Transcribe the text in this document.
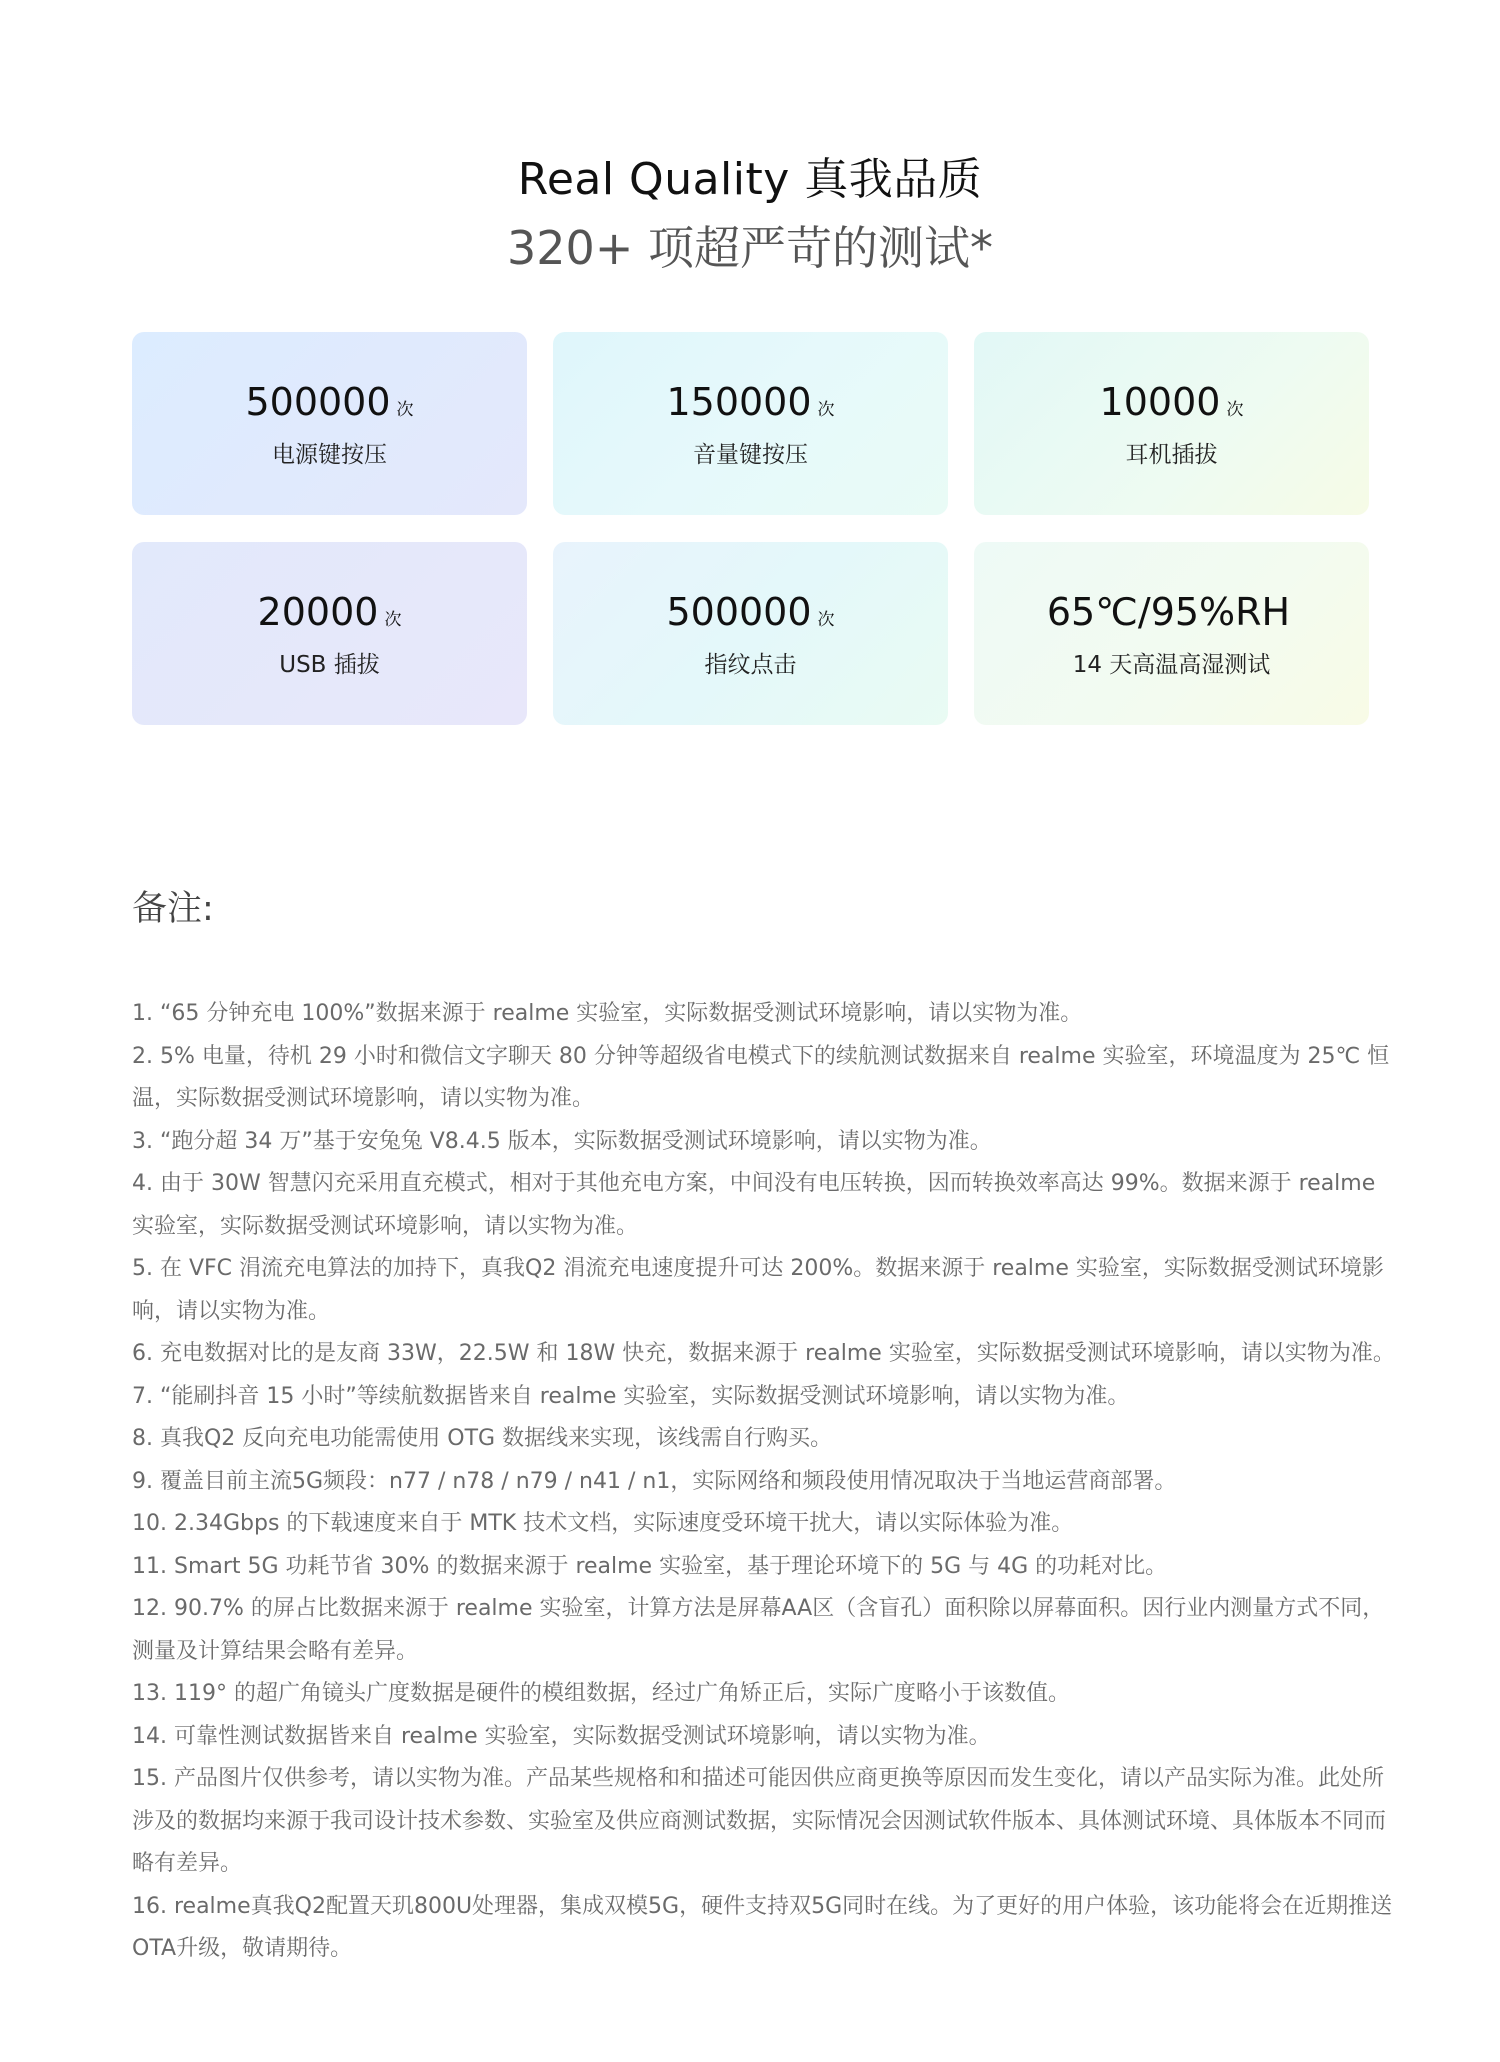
Real Quality 真我品质
320+ 项超严苛的测试*
500000 次
电源键按压
150000 次
音量键按压
10000 次
耳机插拔
20000 次
USB 插拔
500000 次
指纹点击
65℃/95%RH
14 天高温高湿测试
备注:
1. “65 分钟充电 100%”数据来源于 realme 实验室，实际数据受测试环境影响，请以实物为准。
2. 5% 电量，待机 29 小时和微信文字聊天 80 分钟等超级省电模式下的续航测试数据来自 realme 实验室，环境温度为 25℃ 恒温，实际数据受测试环境影响，请以实物为准。
3. “跑分超 34 万”基于安兔兔 V8.4.5 版本，实际数据受测试环境影响，请以实物为准。
4. 由于 30W 智慧闪充采用直充模式，相对于其他充电方案，中间没有电压转换，因而转换效率高达 99%。数据来源于 realme 实验室，实际数据受测试环境影响，请以实物为准。
5. 在 VFC 涓流充电算法的加持下，真我Q2 涓流充电速度提升可达 200%。数据来源于 realme 实验室，实际数据受测试环境影响，请以实物为准。
6. 充电数据对比的是友商 33W，22.5W 和 18W 快充，数据来源于 realme 实验室，实际数据受测试环境影响，请以实物为准。
7. “能刷抖音 15 小时”等续航数据皆来自 realme 实验室，实际数据受测试环境影响，请以实物为准。
8. 真我Q2 反向充电功能需使用 OTG 数据线来实现，该线需自行购买。
9. 覆盖目前主流5G频段：n77 / n78 / n79 / n41 / n1，实际网络和频段使用情况取决于当地运营商部署。
10. 2.34Gbps 的下载速度来自于 MTK 技术文档，实际速度受环境干扰大，请以实际体验为准。
11. Smart 5G 功耗节省 30% 的数据来源于 realme 实验室，基于理论环境下的 5G 与 4G 的功耗对比。
12. 90.7% 的屏占比数据来源于 realme 实验室，计算方法是屏幕AA区（含盲孔）面积除以屏幕面积。因行业内测量方式不同，测量及计算结果会略有差异。
13. 119° 的超广角镜头广度数据是硬件的模组数据，经过广角矫正后，实际广度略小于该数值。
14. 可靠性测试数据皆来自 realme 实验室，实际数据受测试环境影响，请以实物为准。
15. 产品图片仅供参考，请以实物为准。产品某些规格和和描述可能因供应商更换等原因而发生变化，请以产品实际为准。此处所涉及的数据均来源于我司设计技术参数、实验室及供应商测试数据，实际情况会因测试软件版本、具体测试环境、具体版本不同而略有差异。
16. realme真我Q2配置天玑800U处理器，集成双模5G，硬件支持双5G同时在线。为了更好的用户体验，该功能将会在近期推送OTA升级，敬请期待。
